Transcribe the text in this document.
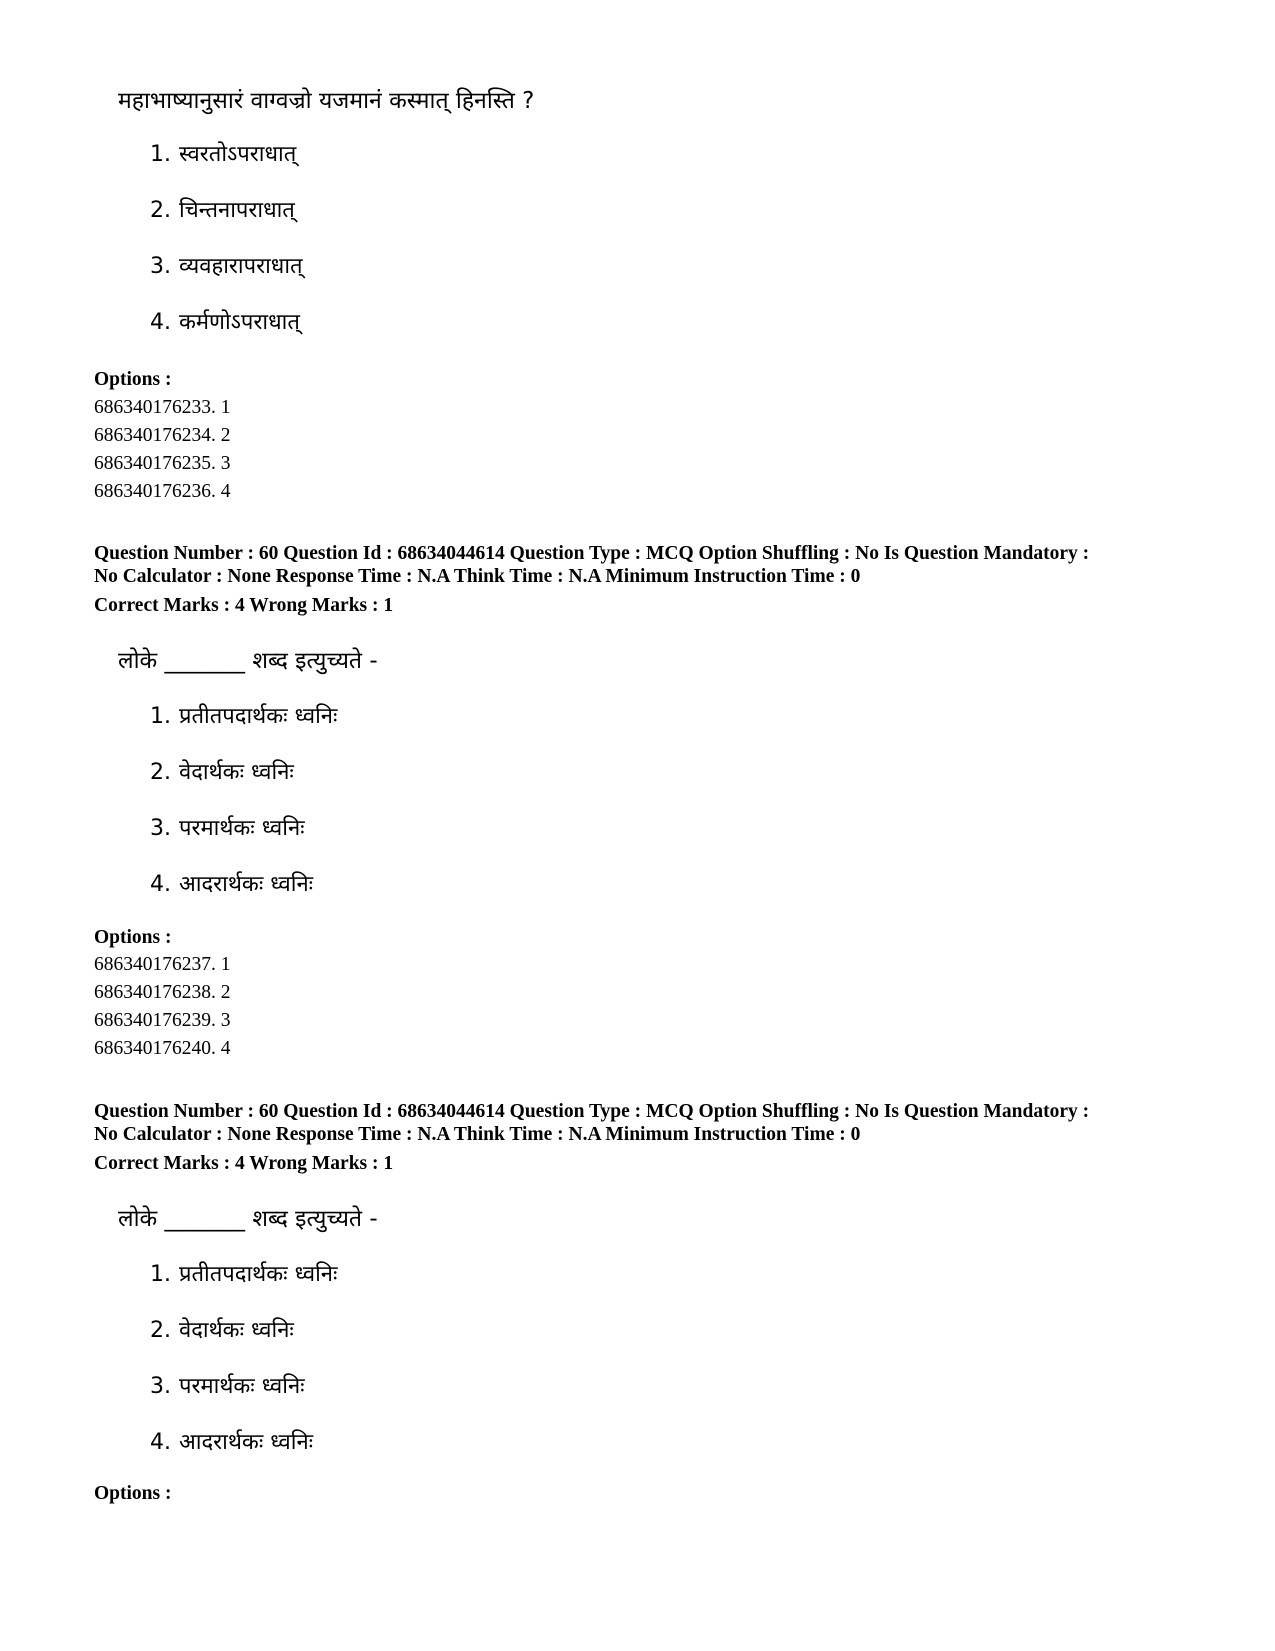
महाभाष्यानुसारं वाग्वज्रो यजमानं कस्मात् हिनस्ति ?
1. स्वरतोऽपराधात्
2. चिन्तनापराधात्
3. व्यवहारापराधात्
4. कर्मणोऽपराधात्
Options :
686340176233. 1
686340176234. 2
686340176235. 3
686340176236. 4
Question Number : 60 Question Id : 68634044614 Question Type : MCQ Option Shuffling : No Is Question Mandatory :
No Calculator : None Response Time : N.A Think Time : N.A Minimum Instruction Time : 0
Correct Marks : 4 Wrong Marks : 1
लोके _______ शब्द इत्युच्यते -
1. प्रतीतपदार्थकः ध्वनिः
2. वेदार्थकः ध्वनिः
3. परमार्थकः ध्वनिः
4. आदरार्थकः ध्वनिः
Options :
686340176237. 1
686340176238. 2
686340176239. 3
686340176240. 4
Question Number : 60 Question Id : 68634044614 Question Type : MCQ Option Shuffling : No Is Question Mandatory :
No Calculator : None Response Time : N.A Think Time : N.A Minimum Instruction Time : 0
Correct Marks : 4 Wrong Marks : 1
लोके _______ शब्द इत्युच्यते -
1. प्रतीतपदार्थकः ध्वनिः
2. वेदार्थकः ध्वनिः
3. परमार्थकः ध्वनिः
4. आदरार्थकः ध्वनिः
Options :
